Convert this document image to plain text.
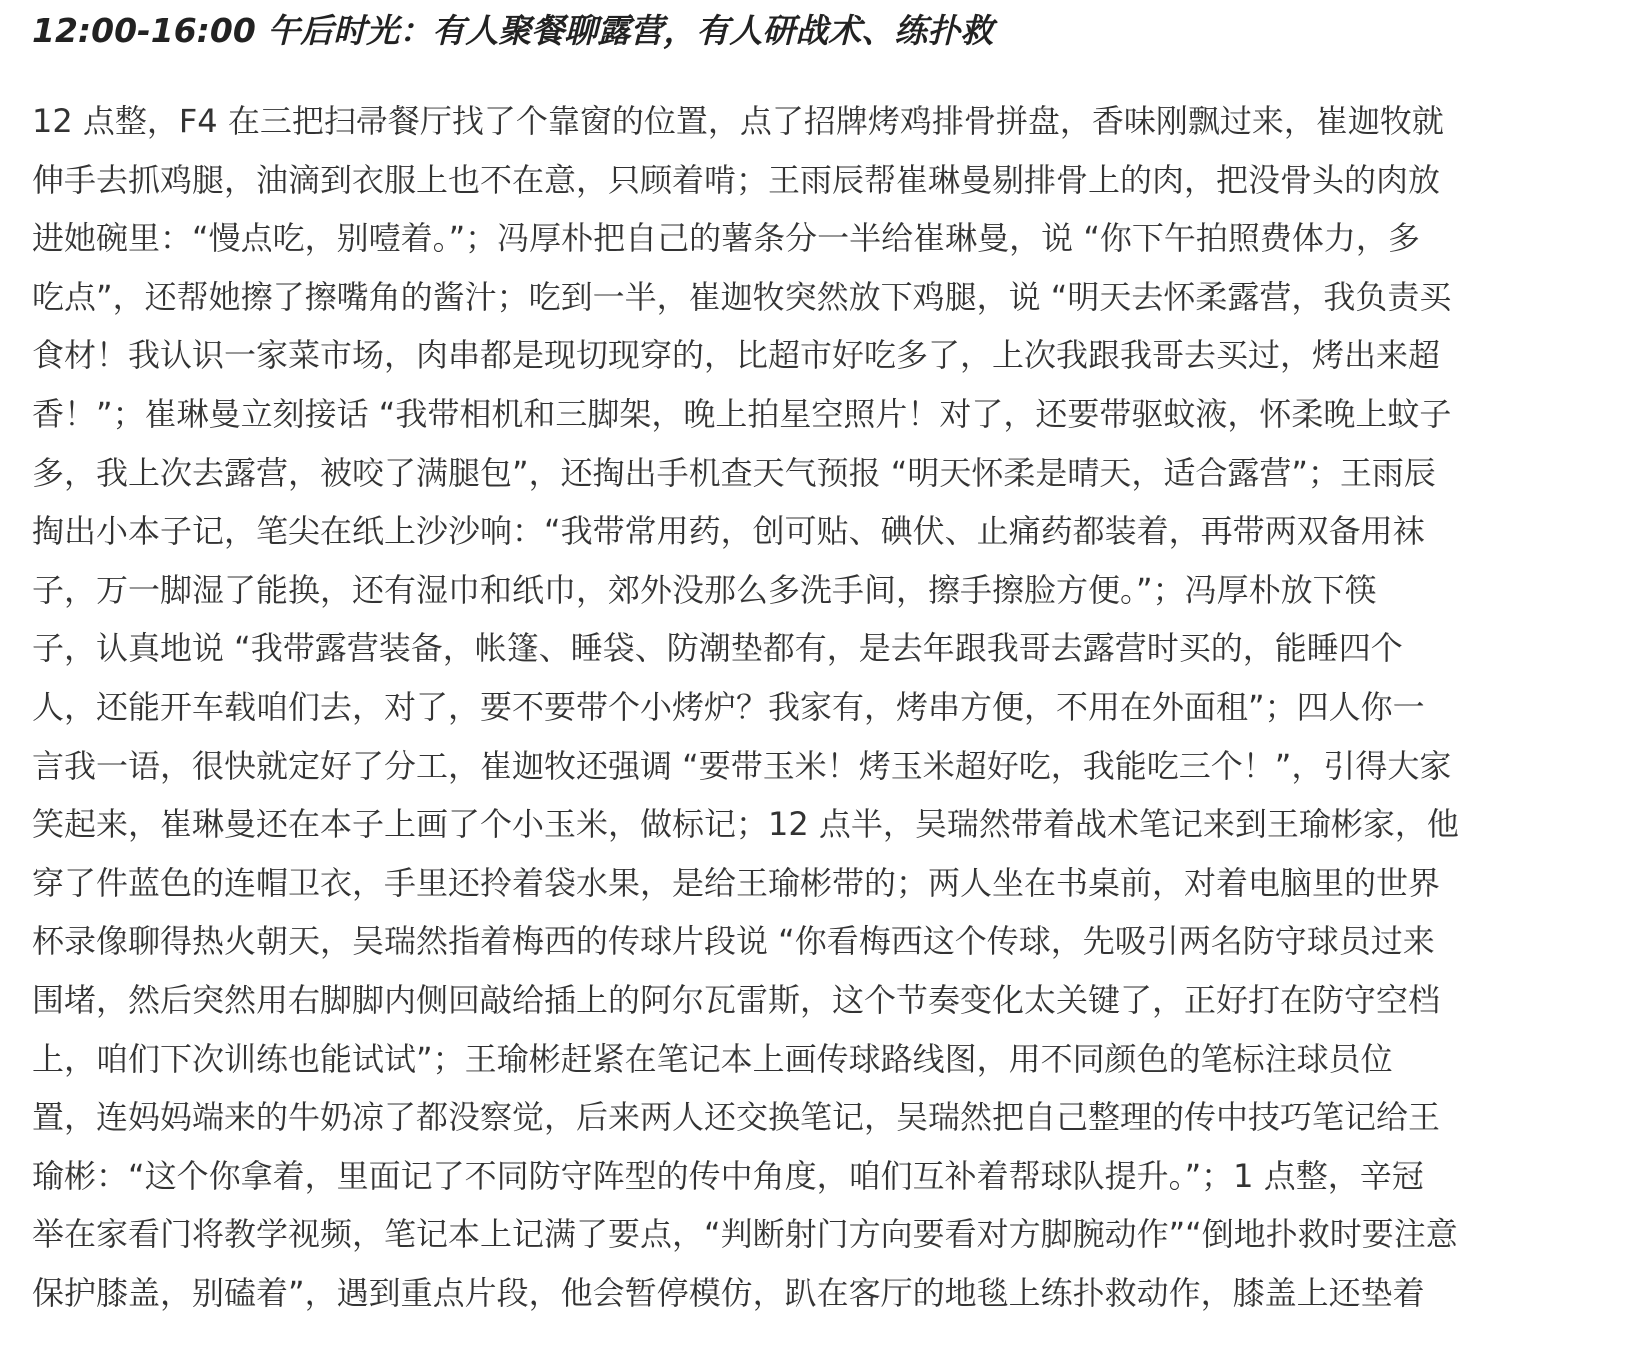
12:00-16:00 午后时光：有人聚餐聊露营，有人研战术、练扑救
12 点整，F4 在三把扫帚餐厅找了个靠窗的位置，点了招牌烤鸡排骨拼盘，香味刚飘过来，崔迦牧就
伸手去抓鸡腿，油滴到衣服上也不在意，只顾着啃；王雨辰帮崔琳曼剔排骨上的肉，把没骨头的肉放
进她碗里：“慢点吃，别噎着。”；冯厚朴把自己的薯条分一半给崔琳曼，说 “你下午拍照费体力，多
吃点”，还帮她擦了擦嘴角的酱汁；吃到一半，崔迦牧突然放下鸡腿，说 “明天去怀柔露营，我负责买
食材！我认识一家菜市场，肉串都是现切现穿的，比超市好吃多了，上次我跟我哥去买过，烤出来超
香！”；崔琳曼立刻接话 “我带相机和三脚架，晚上拍星空照片！对了，还要带驱蚊液，怀柔晚上蚊子
多，我上次去露营，被咬了满腿包”，还掏出手机查天气预报 “明天怀柔是晴天，适合露营”；王雨辰
掏出小本子记，笔尖在纸上沙沙响：“我带常用药，创可贴、碘伏、止痛药都装着，再带两双备用袜
子，万一脚湿了能换，还有湿巾和纸巾，郊外没那么多洗手间，擦手擦脸方便。”；冯厚朴放下筷
子，认真地说 “我带露营装备，帐篷、睡袋、防潮垫都有，是去年跟我哥去露营时买的，能睡四个
人，还能开车载咱们去，对了，要不要带个小烤炉？我家有，烤串方便，不用在外面租”；四人你一
言我一语，很快就定好了分工，崔迦牧还强调 “要带玉米！烤玉米超好吃，我能吃三个！”，引得大家
笑起来，崔琳曼还在本子上画了个小玉米，做标记；12 点半，吴瑞然带着战术笔记来到王瑜彬家，他
穿了件蓝色的连帽卫衣，手里还拎着袋水果，是给王瑜彬带的；两人坐在书桌前，对着电脑里的世界
杯录像聊得热火朝天，吴瑞然指着梅西的传球片段说 “你看梅西这个传球，先吸引两名防守球员过来
围堵，然后突然用右脚脚内侧回敲给插上的阿尔瓦雷斯，这个节奏变化太关键了，正好打在防守空档
上，咱们下次训练也能试试”；王瑜彬赶紧在笔记本上画传球路线图，用不同颜色的笔标注球员位
置，连妈妈端来的牛奶凉了都没察觉，后来两人还交换笔记，吴瑞然把自己整理的传中技巧笔记给王
瑜彬：“这个你拿着，里面记了不同防守阵型的传中角度，咱们互补着帮球队提升。”；1 点整，辛冠
举在家看门将教学视频，笔记本上记满了要点，“判断射门方向要看对方脚腕动作”“倒地扑救时要注意
保护膝盖，别磕着”，遇到重点片段，他会暂停模仿，趴在客厅的地毯上练扑救动作，膝盖上还垫着
